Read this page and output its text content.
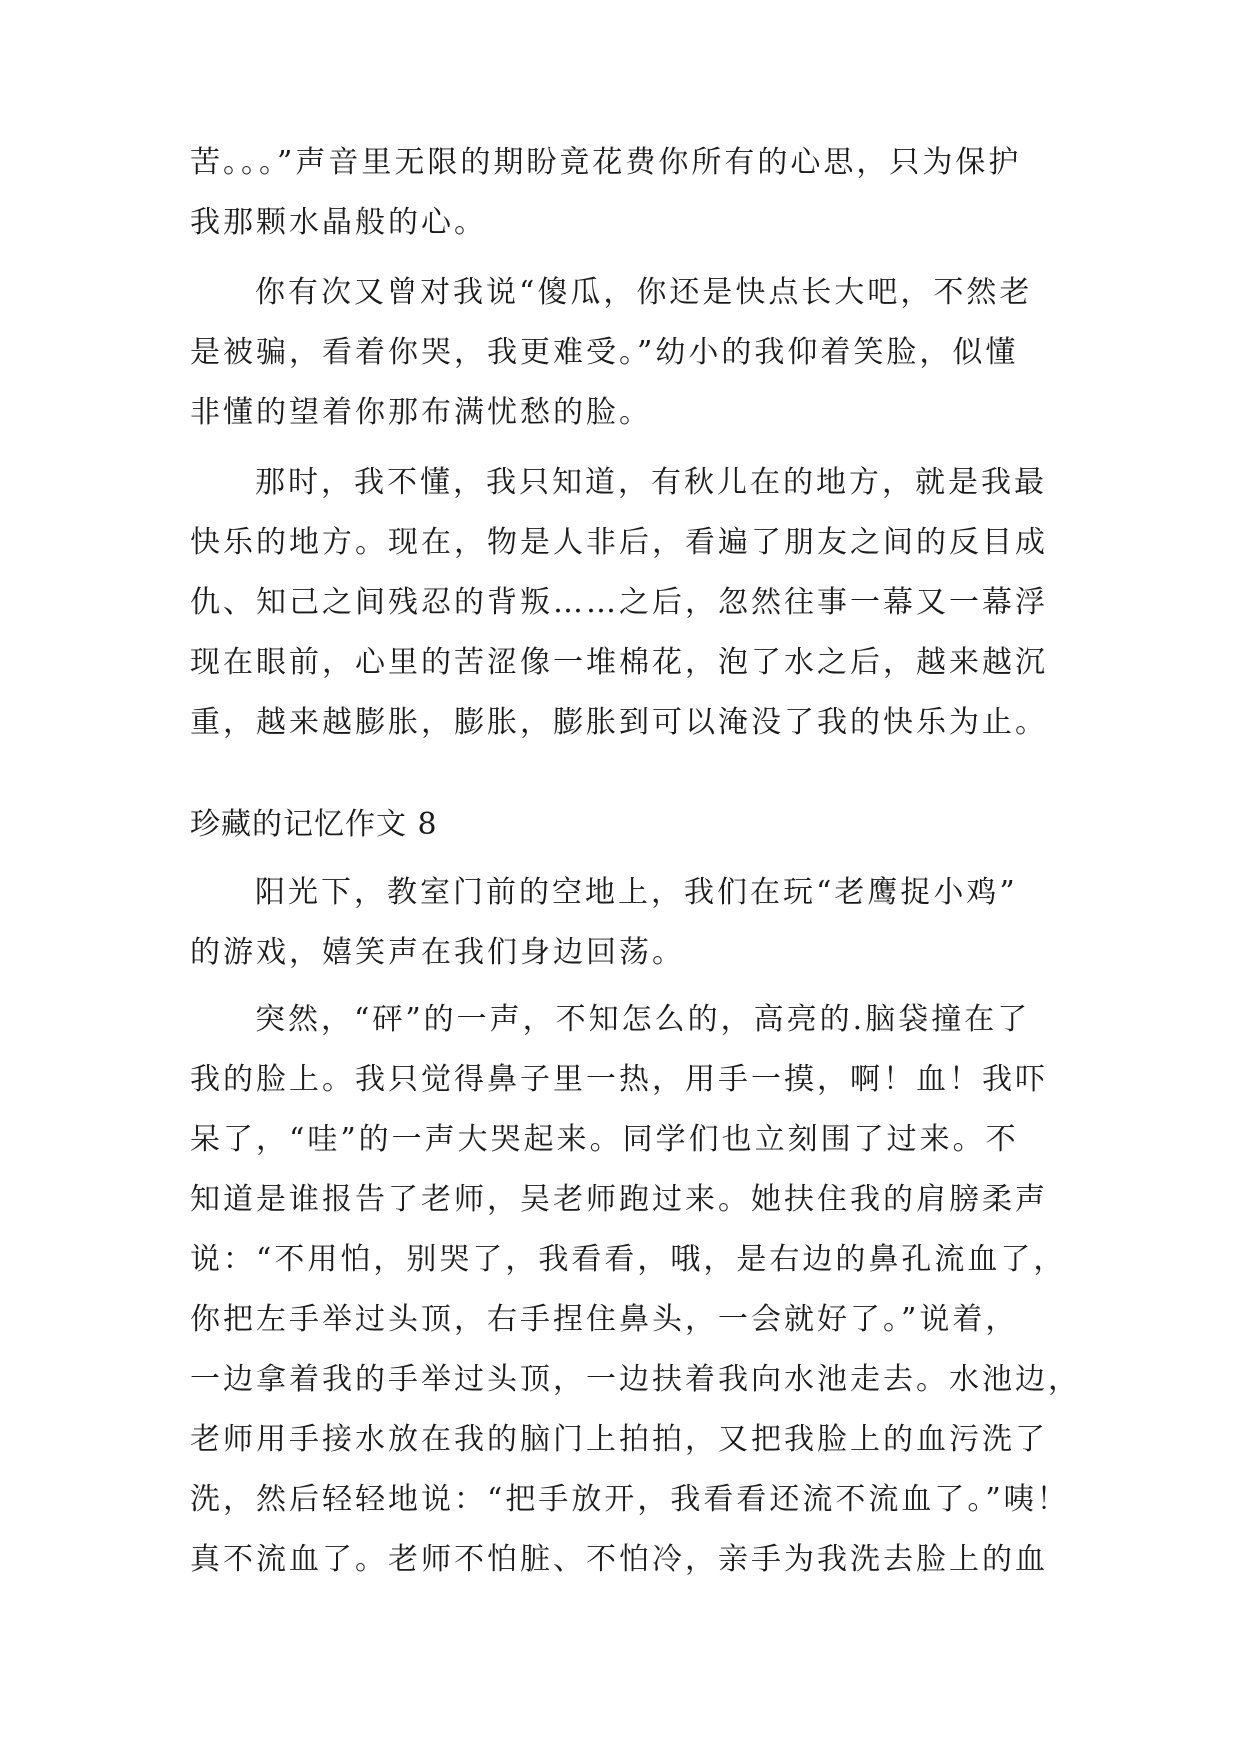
苦。。。”声音里无限的期盼竟花费你所有的心思，只为保护
我那颗水晶般的心。
你有次又曾对我说“傻瓜，你还是快点长大吧，不然老
是被骗，看着你哭，我更难受。”幼小的我仰着笑脸，似懂
非懂的望着你那布满忧愁的脸。
那时，我不懂，我只知道，有秋儿在的地方，就是我最
快乐的地方。现在，物是人非后，看遍了朋友之间的反目成
仇、知己之间残忍的背叛……之后，忽然往事一幕又一幕浮
现在眼前，心里的苦涩像一堆棉花，泡了水之后，越来越沉
重，越来越膨胀，膨胀，膨胀到可以淹没了我的快乐为止。
珍藏的记忆作文 8
阳光下，教室门前的空地上，我们在玩“老鹰捉小鸡”
的游戏，嬉笑声在我们身边回荡。
突然，“砰”的一声，不知怎么的，高亮的.脑袋撞在了
我的脸上。我只觉得鼻子里一热，用手一摸，啊！血！我吓
呆了，“哇”的一声大哭起来。同学们也立刻围了过来。不
知道是谁报告了老师，吴老师跑过来。她扶住我的肩膀柔声
说：“不用怕，别哭了，我看看，哦，是右边的鼻孔流血了，
你把左手举过头顶，右手捏住鼻头，一会就好了。”说着，
一边拿着我的手举过头顶，一边扶着我向水池走去。水池边，
老师用手接水放在我的脑门上拍拍，又把我脸上的血污洗了
洗，然后轻轻地说：“把手放开，我看看还流不流血了。”咦！
真不流血了。老师不怕脏、不怕冷，亲手为我洗去脸上的血
